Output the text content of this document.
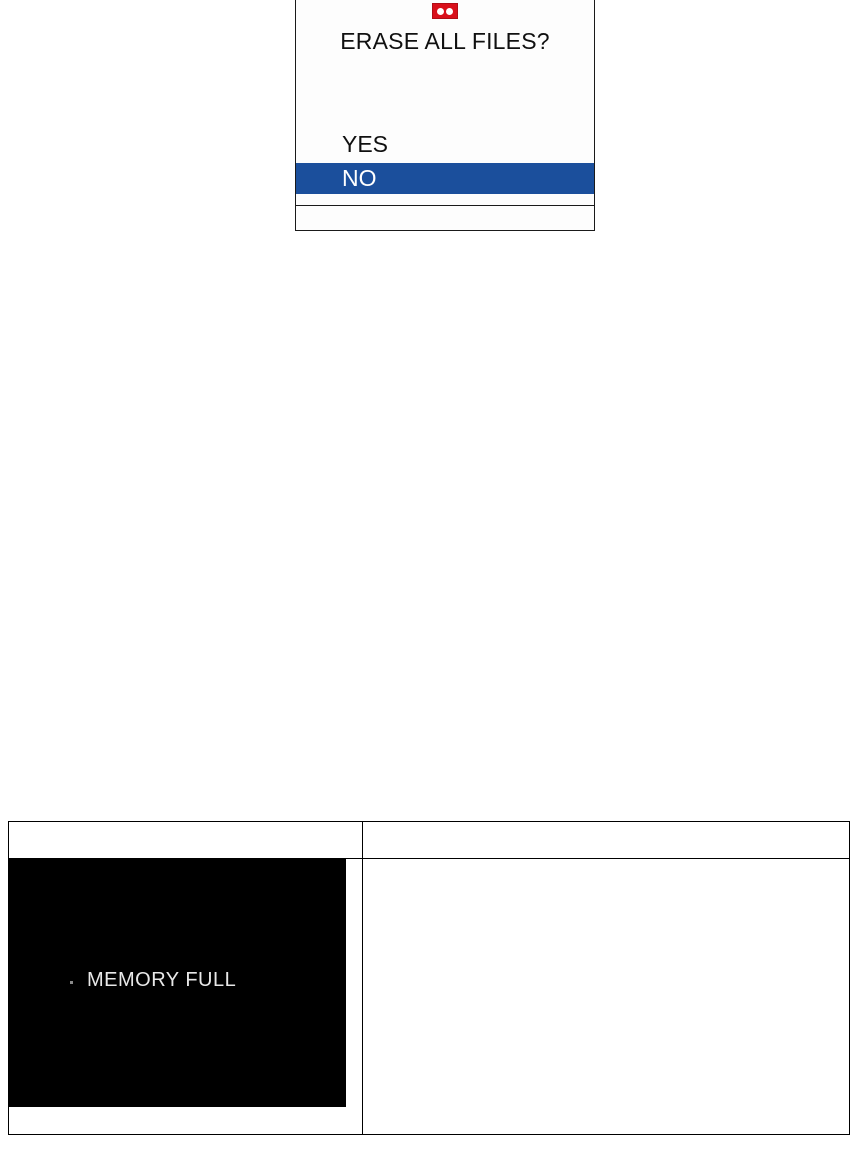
ERASE ALL FILES?
YES
NO

MEMORY FULL	
